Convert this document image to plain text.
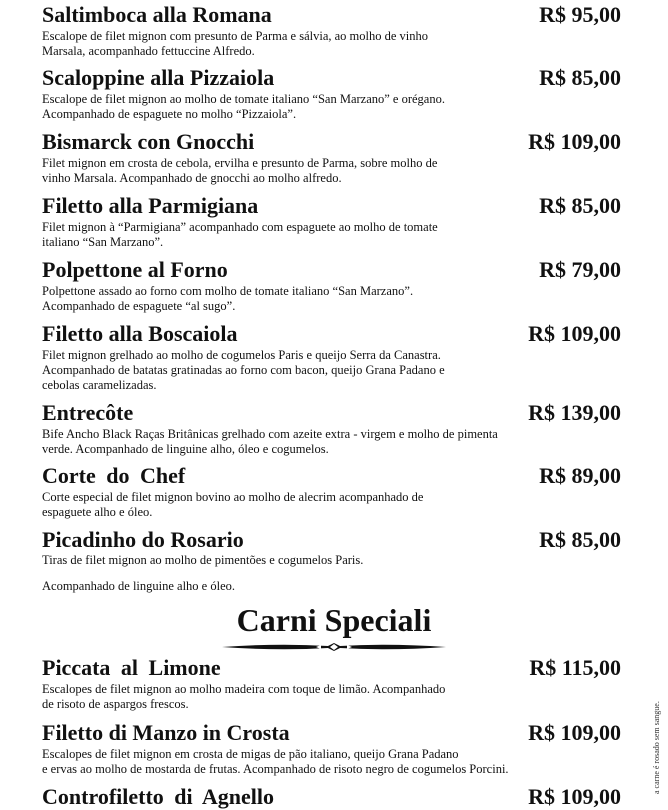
Saltimboca alla Romana	R$ 95,00
Escalope de filet mignon com presunto de Parma e sálvia, ao molho de vinho
Marsala, acompanhado fettuccine Alfredo.
Scaloppine alla Pizzaiola	R$ 85,00
Escalope de filet mignon ao molho de tomate italiano “San Marzano” e orégano.
Acompanhado de espaguete no molho “Pizzaiola”.
Bismarck con Gnocchi	R$ 109,00
Filet mignon em crosta de cebola, ervilha e presunto de Parma, sobre molho de
vinho Marsala. Acompanhado de gnocchi ao molho alfredo.
Filetto alla Parmigiana	R$ 85,00
Filet mignon à “Parmigiana” acompanhado com espaguete ao molho de tomate
italiano “San Marzano”.
Polpettone al Forno	R$ 79,00
Polpettone assado ao forno com molho de tomate italiano “San Marzano”.
Acompanhado de espaguete “al sugo”.
Filetto alla Boscaiola	R$ 109,00
Filet mignon grelhado ao molho de cogumelos Paris e queijo Serra da Canastra.
Acompanhado de batatas gratinadas ao forno com bacon, queijo Grana Padano e
cebolas caramelizadas.
Entrecôte	R$ 139,00
Bife Ancho Black Raças Britânicas grelhado com azeite extra - virgem e molho de pimenta
verde. Acompanhado de linguine alho, óleo e cogumelos.
Corte do Chef	R$ 89,00
Corte especial de filet mignon bovino ao molho de alecrim acompanhado de
espaguete alho e óleo.
Picadinho do Rosario	R$ 85,00
Tiras de filet mignon ao molho de pimentões e cogumelos Paris.

Acompanhado de linguine alho e óleo.
Carni Speciali
Piccata al Limone	R$ 115,00
Escalopes de filet mignon ao molho madeira com toque de limão. Acompanhado
de risoto de aspargos frescos.
Filetto di Manzo in Crosta	R$ 109,00
Escalopes de filet mignon em crosta de migas de pão italiano, queijo Grana Padano
e ervas ao molho de mostarda de frutas. Acompanhado de risoto negro de cogumelos Porcini.
Controfiletto di Agnello	R$ 109,00
a carne é rosado sem sangue.
